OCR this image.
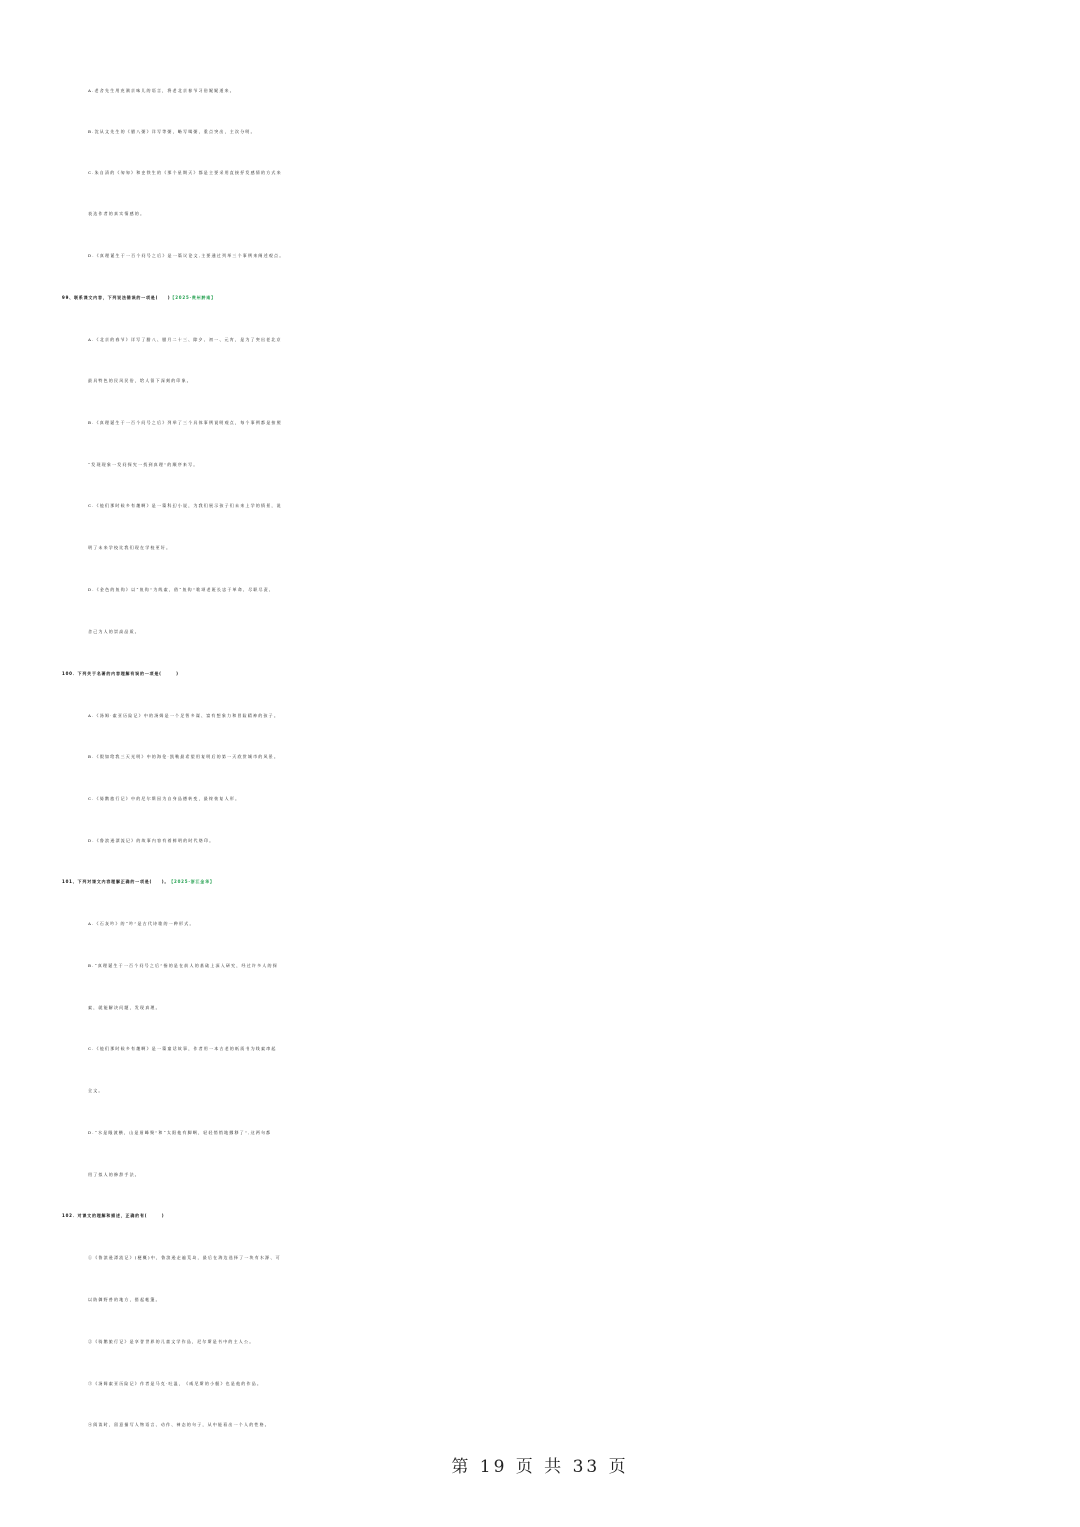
A.老舍先生用充满京味儿的语言，将老北京春节习俗娓娓道来。
B.沈从文先生的《腊八粥》详写等粥，略写喝粥，重点突出，主次分明。
C.朱自清的《匆匆》和史铁生的《那个星期天》都是主要采用直接抒发感情的方式来
表达作者的真实情感的。
D.《真理诞生于一百个问号之后》是一篇议论文,主要通过列举三个事例来阐述观点。
99、联系课文内容，下列说法错误的一项是(　　)【2025·贵州黔南】
A.《北京的春节》详写了腊八、腊月二十三、除夕、初一、元宵，是为了突出老北京
最具特色的民风民俗，给人留下深刻的印象。
B.《真理诞生于一百个问号之后》列举了三个具体事例说明观点，每个事例都是按照
“发现现象一发问探究一找到真理”的顺序来写。
C.《他们那时候多有趣啊》是一篇科幻小说，为我们展示孩子们未来上学的情景，说
明了未来学校比我们现在学校更好。
D.《金色的鱼钩》以“鱼钩”为线索，借“鱼钩”歌颂老班长忠于革命、尽职尽责、
舍己为人的崇高品质。
100．下列关于名著的内容理解有误的一项是(　　　)
A.《汤姆·索亚历险记》中的汤姆是一个足智多谋、富有想象力和冒险精神的孩子。
B.《假如给我三天光明》中的海伦·凯勒最希望用复明后的第一天欣赏城市的风景。
C.《骑鹅旅行记》中的尼尔斯因为自身品德转变，最终恢复人形。
D.《鲁滨逊漂流记》的故事内容有着鲜明的时代烙印。
101、下列对课文内容理解正确的一项是(　　)。【2025·浙江金华】
A.《石灰吟》的“吟”是古代诗歌的一种形式。
B.“真理诞生于一百个问号之后”指的是在前人的基础上深入研究，经过许多人的探
索，就能解决问题，发现真理。
C.《他们那时候多有趣啊》是一篇童话故事，作者用一本古老的纸质书为线索串起
全文。
D.“水是眼波横，山是眉峰聚”和“太阳他有脚啊，轻轻悄悄地挪移了”,这两句都
用了拟人的修辞手法。
102．对课文的理解和描述，正确的有(　　　)
①《鲁滨逊漂流记》(梗概)中，鲁滨逊走遍荒岛，最后在海边选择了一块有水源、可
以防御野兽的地方，搭起帐篷。
②《骑鹅旅行记》是享誉世界的儿童文学作品，尼尔斯是书中的主人公。
③《汤姆索亚历险记》作者是马克·吐温，《威尼斯的小艇》也是他的作品。
④阅读时，留意描写人物语言、动作、神态的句子，从中能看出一个人的性格。
第 19 页 共 33 页
